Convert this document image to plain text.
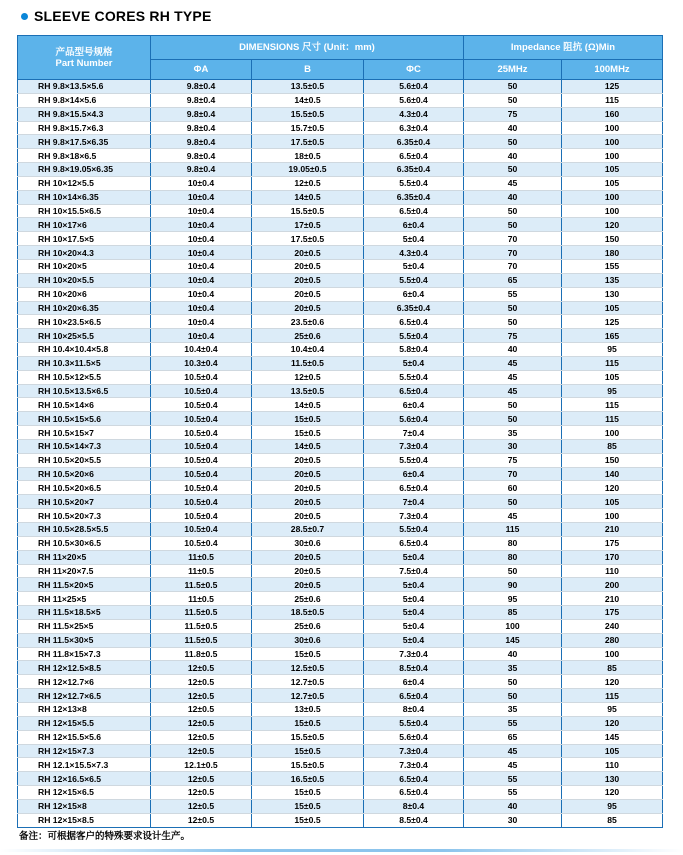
SLEEVE CORES RH TYPE
产品型号规格
Part Number	DIMENSIONS 尺寸 (Unit：mm)			Impedance 阻抗 (Ω)Min	
	ΦA	B	ΦC	25MHz	100MHz
RH 9.8×13.5×5.6	9.8±0.4	13.5±0.5	5.6±0.4	50	125
RH 9.8×14×5.6	9.8±0.4	14±0.5	5.6±0.4	50	115
RH 9.8×15.5×4.3	9.8±0.4	15.5±0.5	4.3±0.4	75	160
RH 9.8×15.7×6.3	9.8±0.4	15.7±0.5	6.3±0.4	40	100
RH 9.8×17.5×6.35	9.8±0.4	17.5±0.5	6.35±0.4	50	100
RH 9.8×18×6.5	9.8±0.4	18±0.5	6.5±0.4	40	100
RH 9.8×19.05×6.35	9.8±0.4	19.05±0.5	6.35±0.4	50	105
RH 10×12×5.5	10±0.4	12±0.5	5.5±0.4	45	105
RH 10×14×6.35	10±0.4	14±0.5	6.35±0.4	40	100
RH 10×15.5×6.5	10±0.4	15.5±0.5	6.5±0.4	50	100
RH 10×17×6	10±0.4	17±0.5	6±0.4	50	120
RH 10×17.5×5	10±0.4	17.5±0.5	5±0.4	70	150
RH 10×20×4.3	10±0.4	20±0.5	4.3±0.4	70	180
RH 10×20×5	10±0.4	20±0.5	5±0.4	70	155
RH 10×20×5.5	10±0.4	20±0.5	5.5±0.4	65	135
RH 10×20×6	10±0.4	20±0.5	6±0.4	55	130
RH 10×20×6.35	10±0.4	20±0.5	6.35±0.4	50	105
RH 10×23.5×6.5	10±0.4	23.5±0.6	6.5±0.4	50	125
RH 10×25×5.5	10±0.4	25±0.6	5.5±0.4	75	165
RH 10.4×10.4×5.8	10.4±0.4	10.4±0.4	5.8±0.4	40	95
RH 10.3×11.5×5	10.3±0.4	11.5±0.5	5±0.4	45	115
RH 10.5×12×5.5	10.5±0.4	12±0.5	5.5±0.4	45	105
RH 10.5×13.5×6.5	10.5±0.4	13.5±0.5	6.5±0.4	45	95
RH 10.5×14×6	10.5±0.4	14±0.5	6±0.4	50	115
RH 10.5×15×5.6	10.5±0.4	15±0.5	5.6±0.4	50	115
RH 10.5×15×7	10.5±0.4	15±0.5	7±0.4	35	100
RH 10.5×14×7.3	10.5±0.4	14±0.5	7.3±0.4	30	85
RH 10.5×20×5.5	10.5±0.4	20±0.5	5.5±0.4	75	150
RH 10.5×20×6	10.5±0.4	20±0.5	6±0.4	70	140
RH 10.5×20×6.5	10.5±0.4	20±0.5	6.5±0.4	60	120
RH 10.5×20×7	10.5±0.4	20±0.5	7±0.4	50	105
RH 10.5×20×7.3	10.5±0.4	20±0.5	7.3±0.4	45	100
RH 10.5×28.5×5.5	10.5±0.4	28.5±0.7	5.5±0.4	115	210
RH 10.5×30×6.5	10.5±0.4	30±0.6	6.5±0.4	80	175
RH 11×20×5	11±0.5	20±0.5	5±0.4	80	170
RH 11×20×7.5	11±0.5	20±0.5	7.5±0.4	50	110
RH 11.5×20×5	11.5±0.5	20±0.5	5±0.4	90	200
RH 11×25×5	11±0.5	25±0.6	5±0.4	95	210
RH 11.5×18.5×5	11.5±0.5	18.5±0.5	5±0.4	85	175
RH 11.5×25×5	11.5±0.5	25±0.6	5±0.4	100	240
RH 11.5×30×5	11.5±0.5	30±0.6	5±0.4	145	280
RH 11.8×15×7.3	11.8±0.5	15±0.5	7.3±0.4	40	100
RH 12×12.5×8.5	12±0.5	12.5±0.5	8.5±0.4	35	85
RH 12×12.7×6	12±0.5	12.7±0.5	6±0.4	50	120
RH 12×12.7×6.5	12±0.5	12.7±0.5	6.5±0.4	50	115
RH 12×13×8	12±0.5	13±0.5	8±0.4	35	95
RH 12×15×5.5	12±0.5	15±0.5	5.5±0.4	55	120
RH 12×15.5×5.6	12±0.5	15.5±0.5	5.6±0.4	65	145
RH 12×15×7.3	12±0.5	15±0.5	7.3±0.4	45	105
RH 12.1×15.5×7.3	12.1±0.5	15.5±0.5	7.3±0.4	45	110
RH 12×16.5×6.5	12±0.5	16.5±0.5	6.5±0.4	55	130
RH 12×15×6.5	12±0.5	15±0.5	6.5±0.4	55	120
RH 12×15×8	12±0.5	15±0.5	8±0.4	40	95
RH 12×15×8.5	12±0.5	15±0.5	8.5±0.4	30	85
备注：可根据客户的特殊要求设计生产。
